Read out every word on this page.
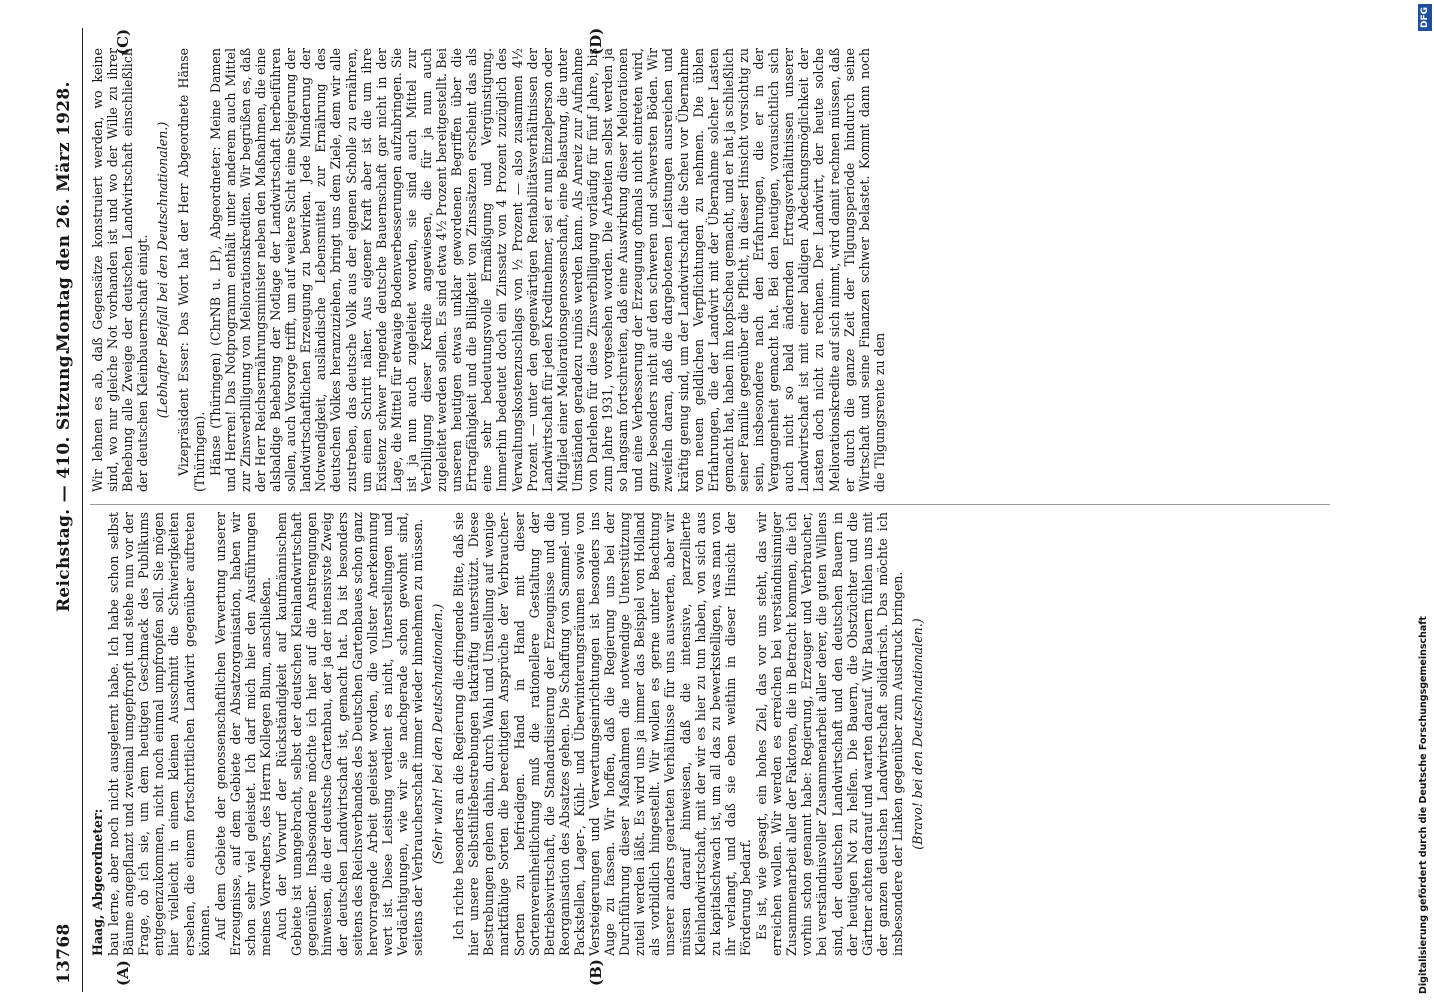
13768
Reichstag. — 410. Sitzung.
Montag den 26. März 1928.
(A)	(B)
(C)	(D)

Haag, Abgeordneter: bau lerne, aber noch nicht ausgelernt habe. Ich habe schon selbst Bäume angepflanzt und zweimal umgepfropft und stehe nun vor der Frage, ob ich sie, um dem heutigen Geschmack des Publikums entgegenzukommen, nicht noch einmal umpfropfen soll. Sie mögen hier vielleicht in einem kleinen Ausschnitt die Schwierigkeiten ersehen, die einem fortschrittlichen Landwirt gegenüber auftreten können. Auf dem Gebiete der genossenschaftlichen Verwertung unserer Erzeugnisse, auf dem Gebiete der Absatzorganisation, haben wir schon sehr viel geleistet. Ich darf mich hier den Ausführungen meines Vorredners, des Herrn Kollegen Blum, anschließen. Auch der Vorwurf der Rückständigkeit auf kaufmännischem Gebiete ist unangebracht, selbst der deutschen Kleinlandwirtschaft gegenüber. Insbesondere möchte ich hier auf die Anstrengungen hinweisen, die der deutsche Gartenbau, der ja der intensivste Zweig der deutschen Landwirtschaft ist, gemacht hat. Da ist besonders seitens des Reichsverbandes des Deutschen Gartenbaues schon ganz hervorragende Arbeit geleistet worden, die vollster Anerkennung wert ist. Diese Leistung verdient es nicht, Unterstellungen und Verdächtigungen, wie wir sie nachgerade schon gewohnt sind, seitens der Verbraucherschaft immer wieder hinnehmen zu müssen. (Sehr wahr! bei den Deutschnationalen.) Ich richte besonders an die Regierung die dringende Bitte, daß sie hier unsere Selbsthilfebestrebungen tatkräftig unterstützt. Diese Bestrebungen gehen dahin, durch Wahl und Umstellung auf wenige marktfähige Sorten die berechtigten Ansprüche der Verbraucher-Sorten zu befriedigen. Hand in Hand mit dieser Sortenvereinheitlichung muß die rationellere Gestaltung der Betriebswirtschaft, die Standardisierung der Erzeugnisse und die Reorganisation des Absatzes gehen. Die Schaffung von Sammel- und Packstellen, Lager-, Kühl- und Überwinterungsräumen sowie von Versteigerungen und Verwertungseinrichtungen ist besonders ins Auge zu fassen. Wir hoffen, daß die Regierung uns bei der Durchführung dieser Maßnahmen die notwendige Unterstützung zuteil werden läßt. Es wird uns ja immer das Beispiel von Holland als vorbildlich hingestellt. Wir wollen es gerne unter Beachtung unserer anders gearteten Verhältnisse für uns auswerten, aber wir müssen darauf hinweisen, daß die intensive, parzellierte Kleinlandwirtschaft, mit der wir es hier zu tun haben, von sich aus zu kapitalschwach ist, um all das zu bewerkstelligen, was man von ihr verlangt, und daß sie eben weithin in dieser Hinsicht der Förderung bedarf. Es ist, wie gesagt, ein hohes Ziel, das vor uns steht, das wir erreichen wollen. Wir werden es erreichen bei verständnisinniger Zusammenarbeit aller der Faktoren, die in Betracht kommen, die ich vorhin schon genannt habe: Regierung, Erzeuger und Verbraucher, bei verständnisvoller Zusammenarbeit aller derer, die guten Willens sind, der deutschen Landwirtschaft und den deutschen Bauern in der heutigen Not zu helfen. Die Bauern, die Obstzüchter und die Gärtner achten darauf und warten darauf. Wir Bauern fühlen uns mit der ganzen deutschen Landwirtschaft solidarisch. Das möchte ich insbesondere der Linken gegenüber zum Ausdruck bringen. (Bravo! bei den Deutschnationalen.)

Wir lehnen es ab, daß Gegensätze konstruiert werden, wo keine sind, wo nur gleiche Not vorhanden ist und wo der Wille zu ihrer Behebung alle Zweige der deutschen Landwirtschaft einschließlich der deutschen Kleinbauernschaft einigt. (Lebhafter Beifall bei den Deutschnationalen.) Vizepräsident Esser: Das Wort hat der Herr Abgeordnete Hänse (Thüringen). Hänse (Thüringen) (ChrNB u. LP), Abgeordneter: Meine Damen und Herren! Das Notprogramm enthält unter anderem auch Mittel zur Zinsverbilligung von Meliorationskrediten. Wir begrüßen es, daß der Herr Reichsernährungsminister neben den Maßnahmen, die eine alsbaldige Behebung der Notlage der Landwirtschaft herbeiführen sollen, auch Vorsorge trifft, um auf weitere Sicht eine Steigerung der landwirtschaftlichen Erzeugung zu bewirken. Jede Minderung der Notwendigkeit, ausländische Lebensmittel zur Ernährung des deutschen Volkes heranzuziehen, bringt uns dem Ziele, dem wir alle zustreben, das deutsche Volk aus der eigenen Scholle zu ernähren, um einen Schritt näher. Aus eigener Kraft aber ist die um ihre Existenz schwer ringende deutsche Bauernschaft gar nicht in der Lage, die Mittel für etwaige Bodenverbesserungen aufzubringen. Sie ist ja nun auch zugeleitet worden, sie sind auch Mittel zur Verbilligung dieser Kredite angewiesen, die für ja nun auch zugeleitet werden sollen. Es sind etwa 4½ Prozent bereitgestellt. Bei unseren heutigen etwas unklar gewordenen Begriffen über die Ertragfähigkeit und die Billigkeit von Zinssätzen erscheint das als eine sehr bedeutungsvolle Ermäßigung und Vergünstigung. Immerhin bedeutet doch ein Zinssatz von 4 Prozent zuzüglich des Verwaltungskostenzuschlags von ½ Prozent — also zusammen 4½ Prozent — unter den gegenwärtigen Rentabilitätsverhältnissen der Landwirtschaft für jeden Kreditnehmer, sei er nun Einzelperson oder Mitglied einer Meliorationsgenossenschaft, eine Belastung, die unter Umständen geradezu ruinös werden kann. Als Anreiz zur Aufnahme von Darlehen für diese Zinsverbilligung vorläufig für fünf Jahre, bis zum Jahre 1931, vorgesehen worden. Die Arbeiten selbst werden ja so langsam fortschreiten, daß eine Auswirkung dieser Meliorationen und eine Verbesserung der Erzeugung oftmals nicht eintreten wird, ganz besonders nicht auf den schweren und schwersten Böden. Wir zweifeln daran, daß die dargebotenen Leistungen ausreichen und kräftig genug sind, um der Landwirtschaft die Scheu vor Übernahme von neuen geldlichen Verpflichtungen zu nehmen. Die üblen Erfahrungen, die der Landwirt mit der Übernahme solcher Lasten gemacht hat, haben ihn kopfscheu gemacht, und er hat ja schließlich seiner Familie gegenüber die Pflicht, in dieser Hinsicht vorsichtig zu sein, insbesondere nach den Erfahrungen, die er in der Vergangenheit gemacht hat. Bei den heutigen, vorausichtlich sich auch nicht so bald ändernden Ertragsverhältnissen unserer Landwirtschaft ist mit einer baldigen Abdeckungsmöglichkeit der Lasten doch nicht zu rechnen. Der Landwirt, der heute solche Meliorationskredite auf sich nimmt, wird damit rechnen müssen, daß er durch die ganze Zeit der Tilgungsperiode hindurch seine Wirtschaft und seine Finanzen schwer belastet. Kommt dann noch die Tilgungsrente zu den

Digitalisierung gefördert durch die Deutsche Forschungsgemeinschaft
DFG
